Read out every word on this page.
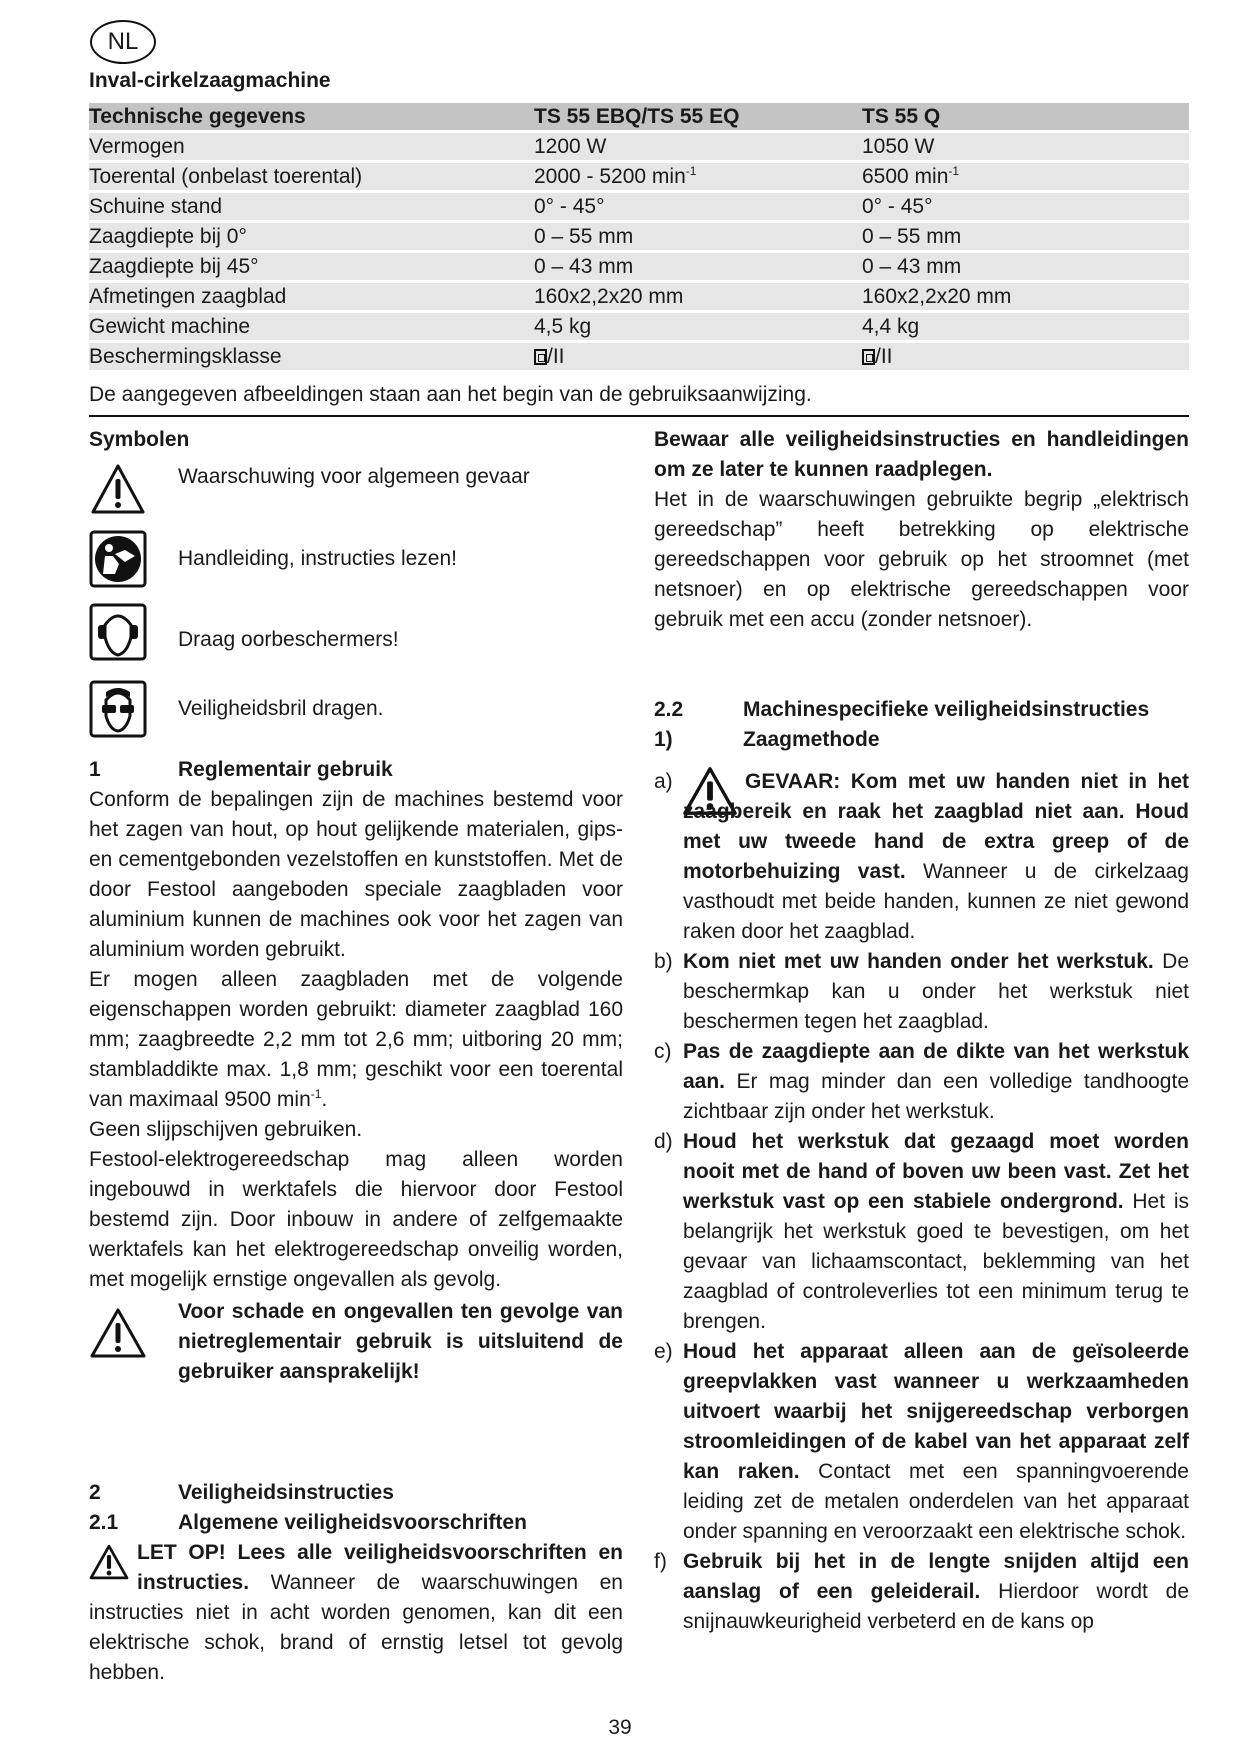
NL
Inval-cirkelzaagmachine
Technische gegevens	TS 55 EBQ/TS 55 EQ	TS 55 Q
Vermogen	1200 W	1050 W
Toerental (onbelast toerental)	2000 - 5200 $\min^{-1}$	6500 $\min^{-1}$
Schuine stand	0° - 45°	0° - 45°
Zaagdiepte bij 0°	0 – 55 mm	0 – 55 mm
Zaagdiepte bij 45°	0 – 43 mm	0 – 43 mm
Afmetingen zaagblad	160x2,2x20 mm	160x2,2x20 mm
Gewicht machine	4,5 kg	4,4 kg
Beschermingsklasse	/II	/II
De aangegeven afbeeldingen staan aan het begin van de gebruiksaanwijzing.
Symbolen
Waarschuwing voor algemeen gevaar
Handleiding, instructies lezen!
Draag oorbeschermers!
Veiligheidsbril dragen.
1	Reglementair gebruik
Conform de bepalingen zijn de machines bestemd voor het zagen van hout, op hout gelijkende materialen, gips- en cementgebonden vezelstoffen en kunststoffen. Met de door Festool aangeboden speciale zaagbladen voor aluminium kunnen de machines ook voor het zagen van aluminium worden gebruikt.
Er mogen alleen zaagbladen met de volgende eigenschappen worden gebruikt: diameter zaagblad 160 mm; zaagbreedte 2,2 mm tot 2,6 mm; uitboring 20 mm; stambladdikte max. 1,8 mm; geschikt voor een toerental van maximaal 9500 $\min^{-1}$.
Geen slijpschijven gebruiken.
Festool-elektrogereedschap mag alleen worden ingebouwd in werktafels die hiervoor door Festool bestemd zijn. Door inbouw in andere of zelfgemaakte werktafels kan het elektrogereedschap onveilig worden, met mogelijk ernstige ongevallen als gevolg.
Voor schade en ongevallen ten gevolge van nietreglementair gebruik is uitsluitend de gebruiker aansprakelijk!
2	Veiligheidsinstructies
2.1	Algemene veiligheidsvoorschriften
LET OP! Lees alle veiligheidsvoorschriften en instructies. Wanneer de waarschuwingen en instructies niet in acht worden genomen, kan dit een elektrische schok, brand of ernstig letsel tot gevolg hebben.
Bewaar alle veiligheidsinstructies en handleidingen om ze later te kunnen raadplegen.
Het in de waarschuwingen gebruikte begrip „elektrisch gereedschap” heeft betrekking op elektrische gereedschappen voor gebruik op het stroomnet (met netsnoer) en op elektrische gereedschappen voor gebruik met een accu (zonder netsnoer).
2.2	Machinespecifieke veiligheidsinstructies
1)	Zaagmethode
a)	GEVAAR: Kom met uw handen niet in het zaagbereik en raak het zaagblad niet aan. Houd met uw tweede hand de extra greep of de motorbehuizing vast. Wanneer u de cirkelzaag vasthoudt met beide handen, kunnen ze niet gewond raken door het zaagblad.
b) Kom niet met uw handen onder het werkstuk. De beschermkap kan u onder het werkstuk niet beschermen tegen het zaagblad.
c) Pas de zaagdiepte aan de dikte van het werkstuk aan. Er mag minder dan een volledige tandhoogte zichtbaar zijn onder het werkstuk.
d) Houd het werkstuk dat gezaagd moet worden nooit met de hand of boven uw been vast. Zet het werkstuk vast op een stabiele ondergrond. Het is belangrijk het werkstuk goed te bevestigen, om het gevaar van lichaamscontact, beklemming van het zaagblad of controleverlies tot een minimum terug te brengen.
e) Houd het apparaat alleen aan de geïsoleerde greepvlakken vast wanneer u werkzaamheden uitvoert waarbij het snijgereedschap verborgen stroomleidingen of de kabel van het apparaat zelf kan raken. Contact met een spanningvoerende leiding zet de metalen onderdelen van het apparaat onder spanning en veroorzaakt een elektrische schok.
f) Gebruik bij het in de lengte snijden altijd een aanslag of een geleiderail. Hierdoor wordt de snijnauwkeurigheid verbeterd en de kans op
39
